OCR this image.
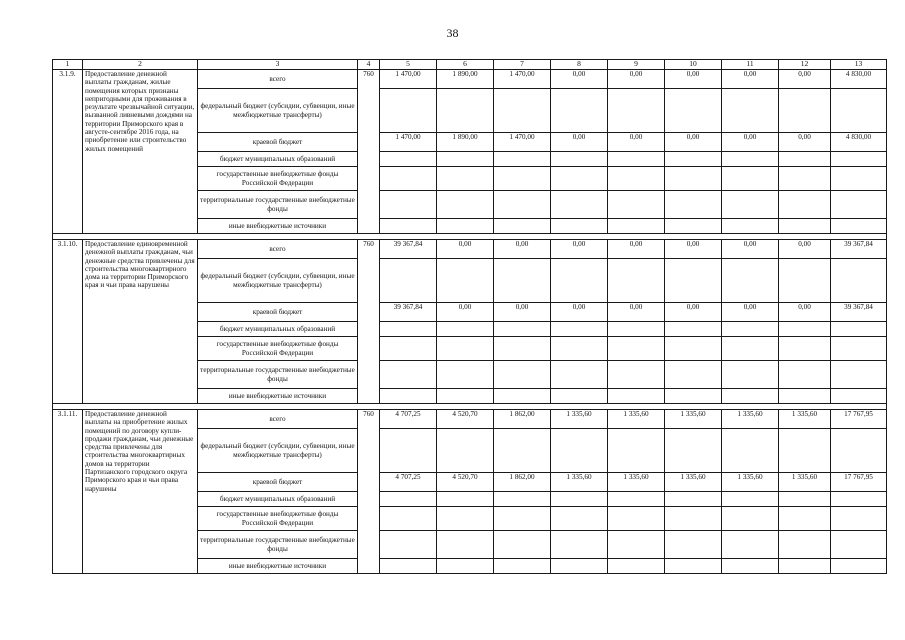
38
1	2	3	4	5	6	7	8	9	10	11	12	13
3.1.9.	Предоставление денежной выплаты гражданам, жилые помещения которых признаны непригодными для проживания в результате чрезвычайной ситуации, вызванной ливневыми дождями на территории Приморского края в августе-сентябре 2016 года, на приобретение или строительство жилых помещений	всего	760	1 470,00	1 890,00	1 470,00	0,00	0,00	0,00	0,00	0,00	4 830,00
		федеральный бюджет (субсидии, субвенции, иные межбюджетные трансферты)										
		краевой бюджет		1 470,00	1 890,00	1 470,00	0,00	0,00	0,00	0,00	0,00	4 830,00
		бюджет муниципальных образований										
		государственные внебюджетные фонды Российской Федерации										
		территориальные государственные внебюджетные фонды										
		иные внебюджетные источники										

3.1.10.	Предоставление единовременной денежной выплаты гражданам, чьи денежные средства привлечены для строительства многоквартирного дома на территории Приморского края и чьи права нарушены	всего	760	39 367,84	0,00	0,00	0,00	0,00	0,00	0,00	0,00	39 367,84
		федеральный бюджет (субсидии, субвенции, иные межбюджетные трансферты)										
		краевой бюджет		39 367,84	0,00	0,00	0,00	0,00	0,00	0,00	0,00	39 367,84
		бюджет муниципальных образований										
		государственные внебюджетные фонды Российской Федерации										
		территориальные государственные внебюджетные фонды										
		иные внебюджетные источники										

3.1.11.	Предоставление денежной выплаты на приобретение жилых помещений по договору купли-продажи гражданам, чьи денежные средства привлечены для строительства многоквартирных домов на территории Партизанского городского округа Приморского края и чьи права нарушены	всего	760	4 707,25	4 520,70	1 862,00	1 335,60	1 335,60	1 335,60	1 335,60	1 335,60	17 767,95
		федеральный бюджет (субсидии, субвенции, иные межбюджетные трансферты)										
		краевой бюджет		4 707,25	4 520,70	1 862,00	1 335,60	1 335,60	1 335,60	1 335,60	1 335,60	17 767,95
		бюджет муниципальных образований										
		государственные внебюджетные фонды Российской Федерации										
		территориальные государственные внебюджетные фонды										
		иные внебюджетные источники										
